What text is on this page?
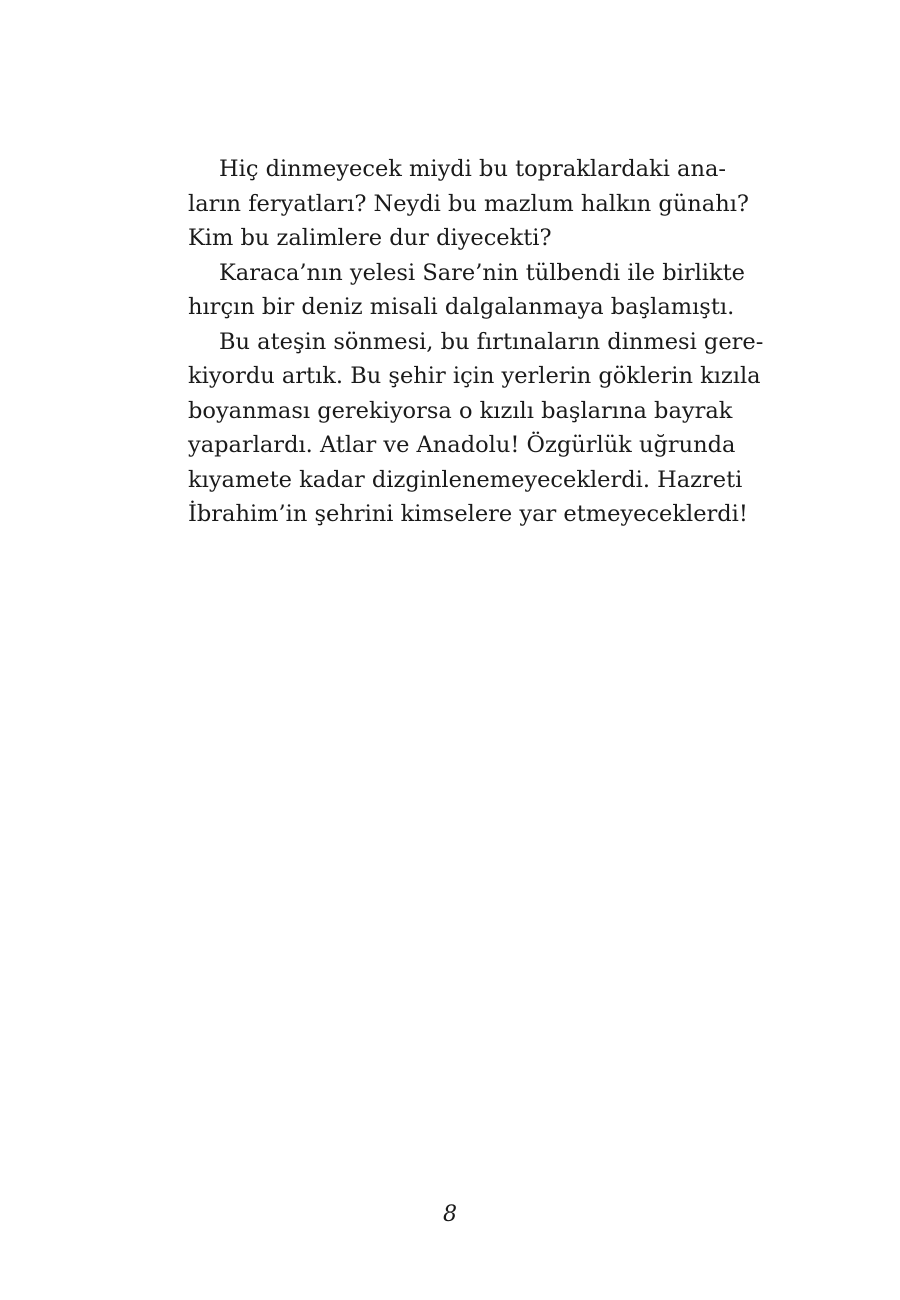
Hiç dinmeyecek miydi bu topraklardaki ana-
ların feryatları? Neydi bu mazlum halkın günahı?
Kim bu zalimlere dur diyecekti?
Karaca’nın yelesi Sare’nin tülbendi ile birlikte
hırçın bir deniz misali dalgalanmaya başlamıştı.
Bu ateşin sönmesi, bu fırtınaların dinmesi gere-
kiyordu artık. Bu şehir için yerlerin göklerin kızıla
boyanması gerekiyorsa o kızılı başlarına bayrak
yaparlardı. Atlar ve Anadolu! Özgürlük uğrunda
kıyamete kadar dizginlenemeyeceklerdi. Hazreti
İbrahim’in şehrini kimselere yar etmeyeceklerdi!
8
